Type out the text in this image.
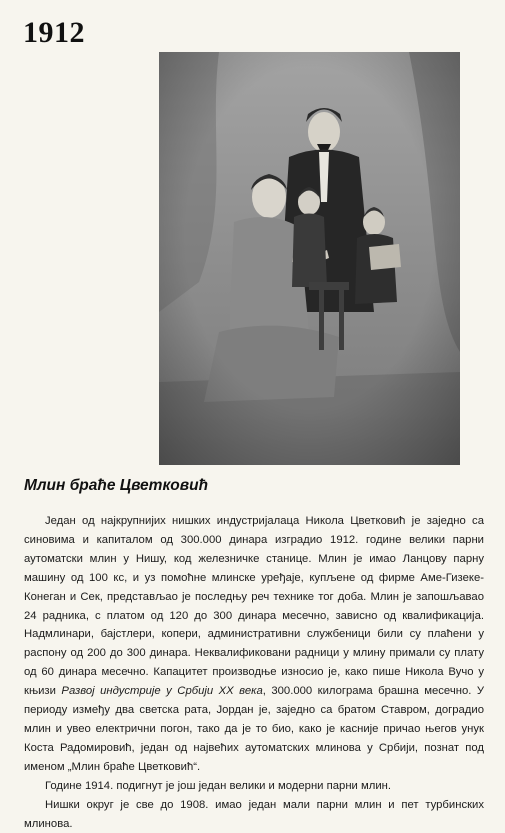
1912
Млин браће Цветковић

Један од најкрупнијих нишких индустријалаца Никола Цветковић је заједно са синовима и капиталом од 300.000 динара изградио 1912. године велики парни аутоматски млин у Нишу, код железничке станице. Млин је имао Ланцову парну машину од 100 кс, и уз помоћне млинске уређаје, купљене од фирме Аме-Гизеке-Конеган и Сек, представљао је последњу реч технике тог доба. Млин је запошљавао 24 радника, с платом од 120 до 300 динара месечно, зависно од квалификација. Надмлинари, бајстлери, копери, административни службеници били су плаћени у распону од 200 до 300 динара. Неквалификовани радници у млину примали су плату од 60 динара месечно. Капацитет производње износио је, како пише Никола Вучо у књизи Развој индустрије у Србији XX века, 300.000 килограма брашна месечно. У периоду између два светска рата, Јордан је, заједно са братом Ставром, доградио млин и увео електрични погон, тако да је то био, како је касније причао његов унук Коста Радомировић, један од највећих аутоматских млинова у Србији, познат под именом „Млин браће Цветковић“.

Године 1914. подигнут је још један велики и модерни парни млин.

Нишки округ је све до 1908. имао један мали парни млин и пет турбинских млинова.
